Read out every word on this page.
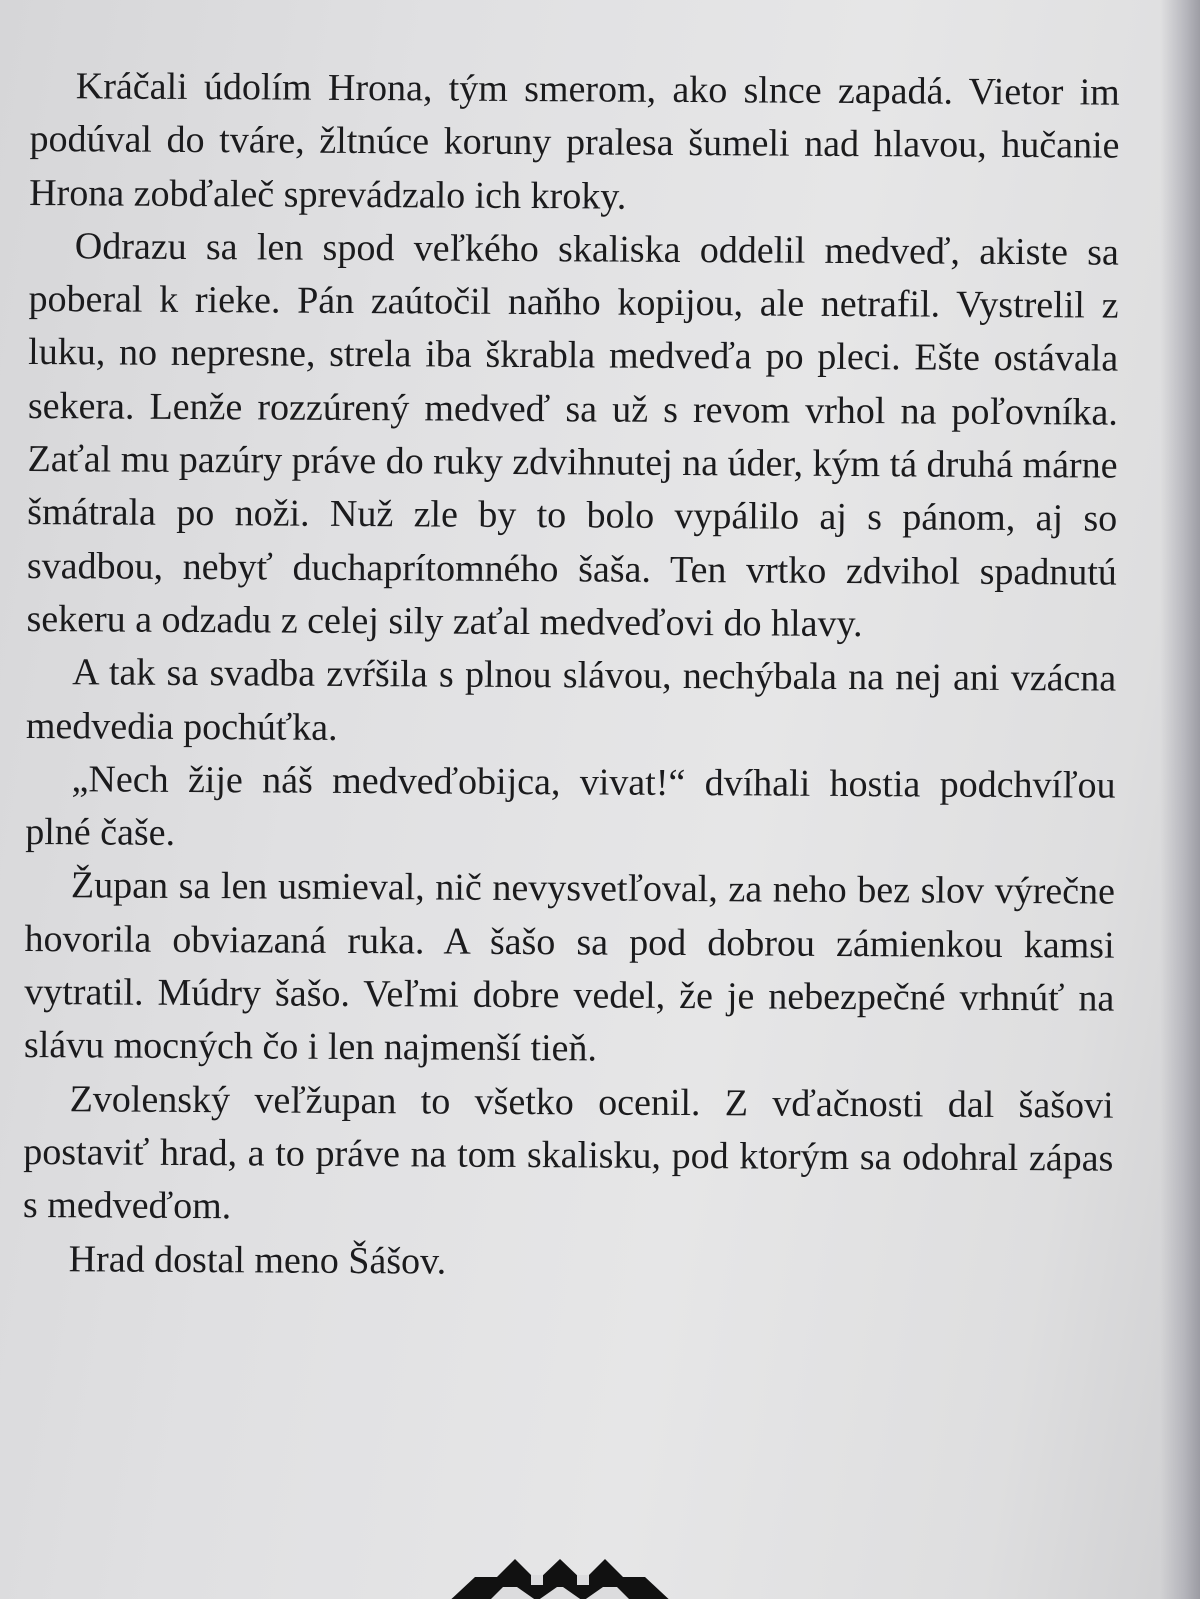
Kráčali údolím Hrona, tým smerom, ako slnce zapadá. Vietor im podúval do tváre, žltnúce koruny pralesa šumeli nad hlavou, hučanie Hrona zobďaleč sprevádzalo ich kroky.

Odrazu sa len spod veľkého skaliska oddelil medveď, akiste sa poberal k rieke. Pán zaútočil naňho kopijou, ale netrafil. Vystrelil z luku, no nepresne, strela iba škrabla medveďa po pleci. Ešte ostávala sekera. Lenže rozzúrený medveď sa už s revom vrhol na poľovníka. Zaťal mu pazúry práve do ruky zdvihnutej na úder, kým tá druhá márne šmátrala po noži. Nuž zle by to bolo vypálilo aj s pánom, aj so svadbou, nebyť duchaprítomného šaša. Ten vrtko zdvihol spadnutú sekeru a odzadu z celej sily zaťal medveďovi do hlavy.

A tak sa svadba zvŕšila s plnou slávou, nechýbala na nej ani vzácna medvedia pochúťka.

„Nech žije náš medveďobijca, vivat!“ dvíhali hostia podchvíľou plné čaše.

Župan sa len usmieval, nič nevysvetľoval, za neho bez slov výrečne hovorila obviazaná ruka. A šašo sa pod dobrou zámienkou kamsi vytratil. Múdry šašo. Veľmi dobre vedel, že je nebezpečné vrhnúť na slávu mocných čo i len najmenší tieň.

Zvolenský veľžupan to všetko ocenil. Z vďačnosti dal šašovi postaviť hrad, a to práve na tom skalisku, pod ktorým sa odohral zápas s medveďom.

Hrad dostal meno Šášov.
